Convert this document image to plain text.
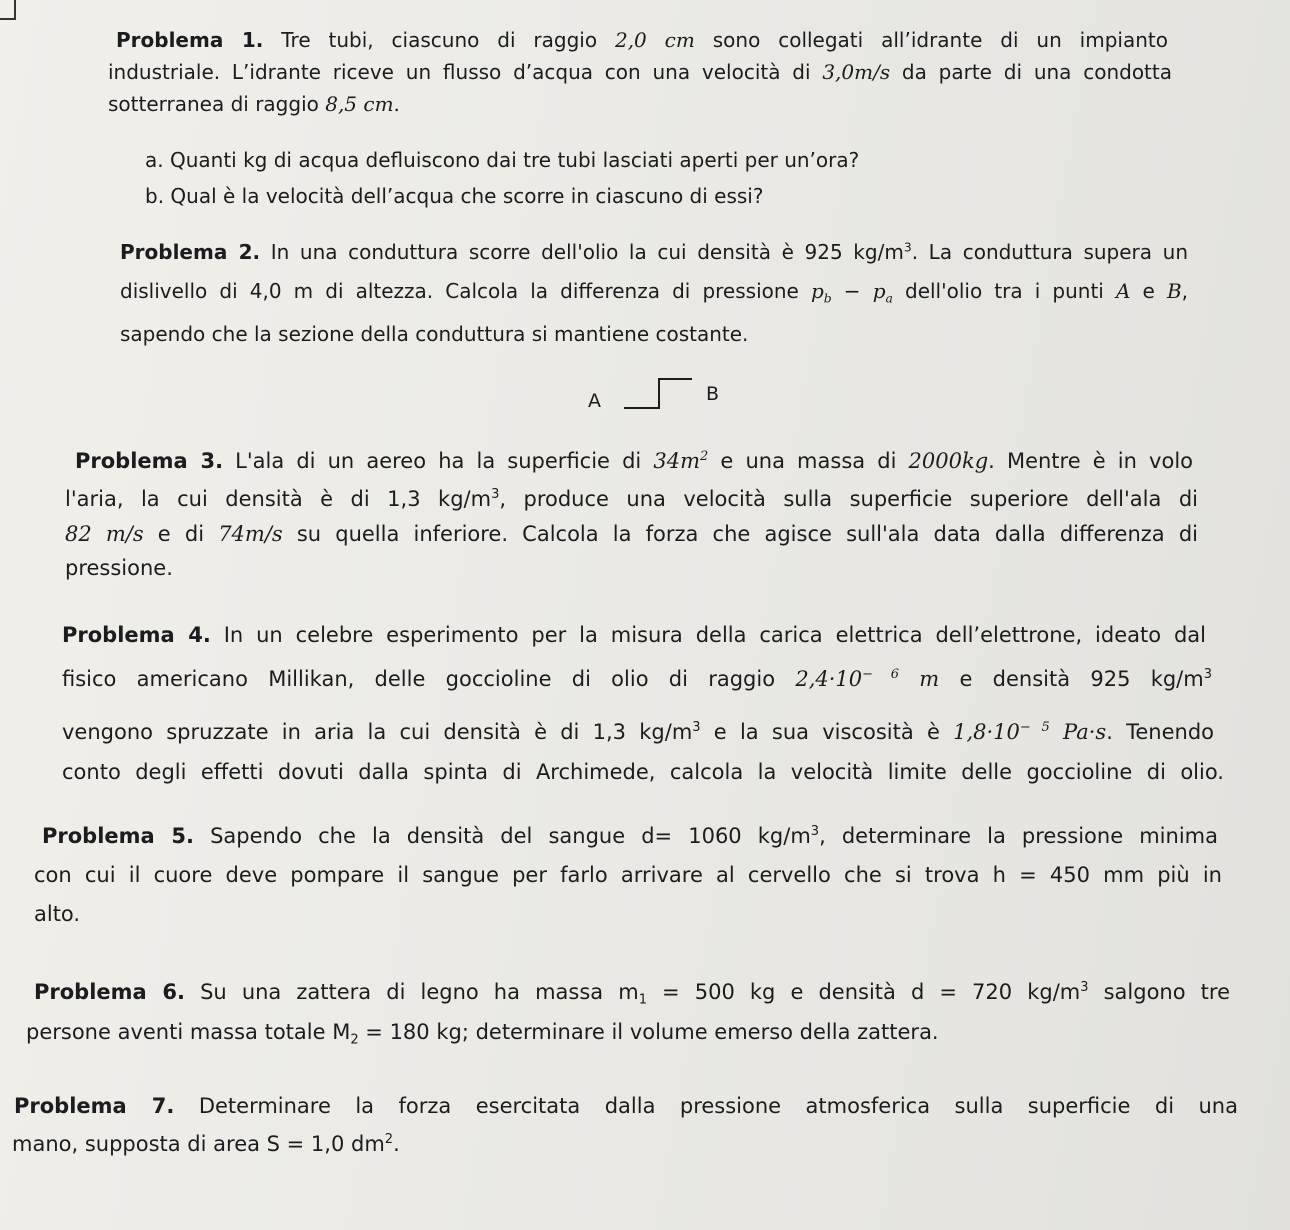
Problema 1. Tre tubi, ciascuno di raggio 2,0 cm sono collegati all’idrante di un impianto
industriale. L’idrante riceve un flusso d’acqua con una velocità di 3,0m/s da parte di una condotta
sotterranea di raggio 8,5 cm.
a. Quanti kg di acqua defluiscono dai tre tubi lasciati aperti per un’ora?
b. Qual è la velocità dell’acqua che scorre in ciascuno di essi?
Problema 2. In una conduttura scorre dell'olio la cui densità è 925 $kg/m^3$. La conduttura supera un
dislivello di 4,0 m di altezza. Calcola la differenza di pressione $p_b - p_a$ dell'olio tra i punti A e B,
sapendo che la sezione della conduttura si mantiene costante.
A	B
Problema 3. L'ala di un aereo ha la superficie di $34m^2$ e una massa di 2000kg. Mentre è in volo
l'aria, la cui densità è di 1,3 $kg/m^3$, produce una velocità sulla superficie superiore dell'ala di
82 m/s e di 74m/s su quella inferiore. Calcola la forza che agisce sull'ala data dalla differenza di
pressione.
Problema 4. In un celebre esperimento per la misura della carica elettrica dell’elettrone, ideato dal
fisico americano Millikan, delle goccioline di olio di raggio $2,4\cdot 10^{- 6}$ m e densità 925 $kg/m^3$
vengono spruzzate in aria la cui densità è di 1,3 $kg/m^3$ e la sua viscosità è $1,8\cdot 10^{- 5}$ Pa·s. Tenendo
conto degli effetti dovuti dalla spinta di Archimede, calcola la velocità limite delle goccioline di olio.
Problema 5. Sapendo che la densità del sangue d= 1060 $kg/m^3$, determinare la pressione minima
con cui il cuore deve pompare il sangue per farlo arrivare al cervello che si trova h = 450 mm più in
alto.
Problema 6. Su una zattera di legno ha massa $m_1 = 500$ kg e densità d = 720 $kg/m^3$ salgono tre
persone aventi massa totale $M_2 = 180$ kg; determinare il volume emerso della zattera.
Problema 7. Determinare la forza esercitata dalla pressione atmosferica sulla superficie di una
mano, supposta di area S = 1,0 $dm^2$.
